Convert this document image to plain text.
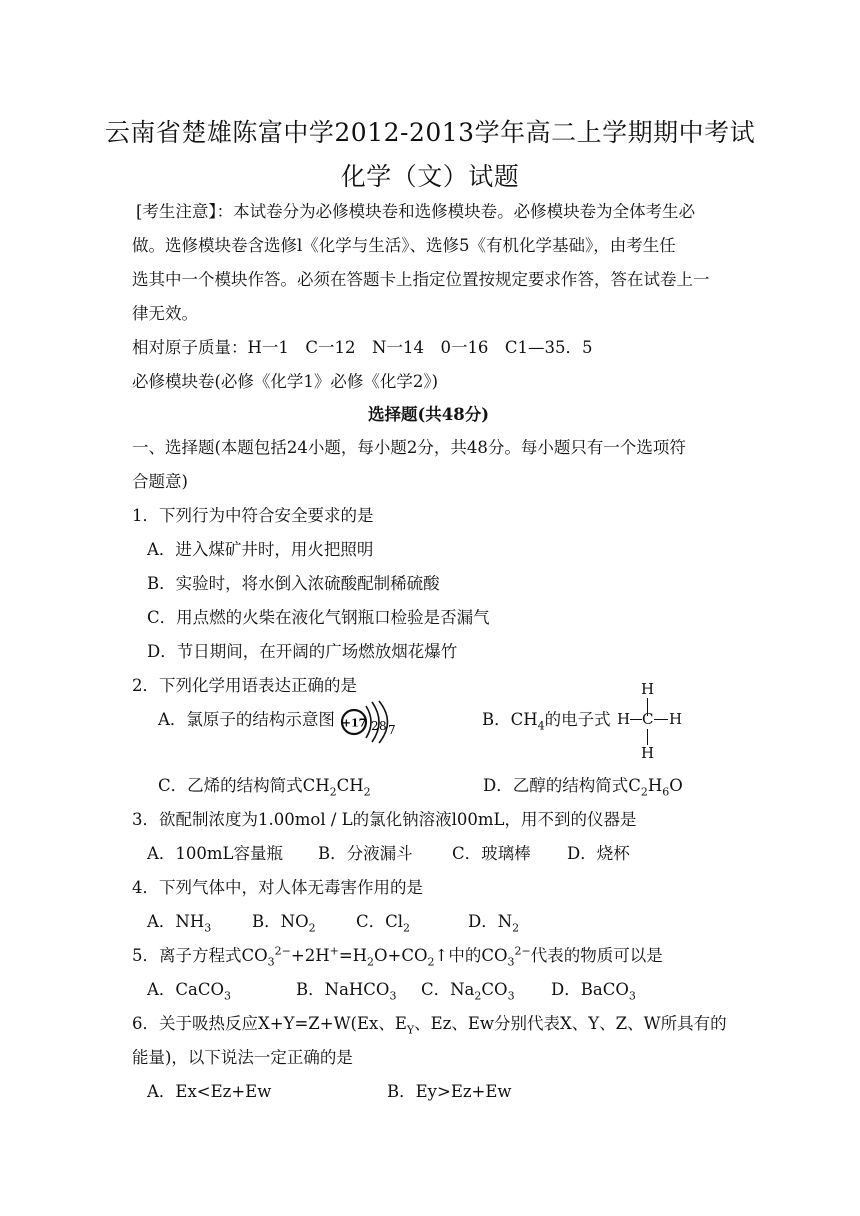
云南省楚雄陈富中学2012-2013学年高二上学期期中考试
化学（文）试题
[考生注意】：本试卷分为必修模块卷和选修模块卷。必修模块卷为全体考生必
做。选修模块卷含选修l《化学与生活》、选修5《有机化学基础》，由考生任
选其中一个模块作答。必须在答题卡上指定位置按规定要求作答，答在试卷上一
律无效。
相对原子质量：H一1　C一12　N一14　0一16　C1—35．5
必修模块卷(必修《化学1》必修《化学2》)
选择题(共48分)
一、选择题(本题包括24小题，每小题2分，共48分。每小题只有一个选项符
合题意)
1．下列行为中符合安全要求的是
A．进入煤矿井时，用火把照明
B．实验时，将水倒入浓硫酸配制稀硫酸
C．用点燃的火柴在液化气钢瓶口检验是否漏气
D．节日期间，在开阔的广场燃放烟花爆竹
2．下列化学用语表达正确的是
A．氯原子的结构示意图 +17 2 8 7
B．$CH_4$的电子式
H
H C H
H
C．乙烯的结构简式$CH_2CH_2$	D．乙醇的结构简式$C_2H_6O$
3．欲配制浓度为1.00mol / L的氯化钠溶液l00mL，用不到的仪器是
A．100mL容量瓶 B．分液漏斗 C．玻璃棒 D．烧杯
4．下列气体中，对人体无毒害作用的是
A．$NH_3$ B．$NO_2$ C．$Cl_2$	D．$N_2$
5．离子方程式$CO_3^{2-}+2H^+=H_2O+CO_2↑$中的$CO_3^{2-}$代表的物质可以是
A．CaCO$_3$	B．NaHCO$_3$ C．$Na_2CO_3$ D．BaCO$_3$
6．关于吸热反应X+Y=Z+W(Ex、$E_Y$、Ez、Ew分别代表X、Y、Z、W所具有的
能量)，以下说法一定正确的是
A．Ex<Ez+Ew	B．Ey>Ez+Ew
